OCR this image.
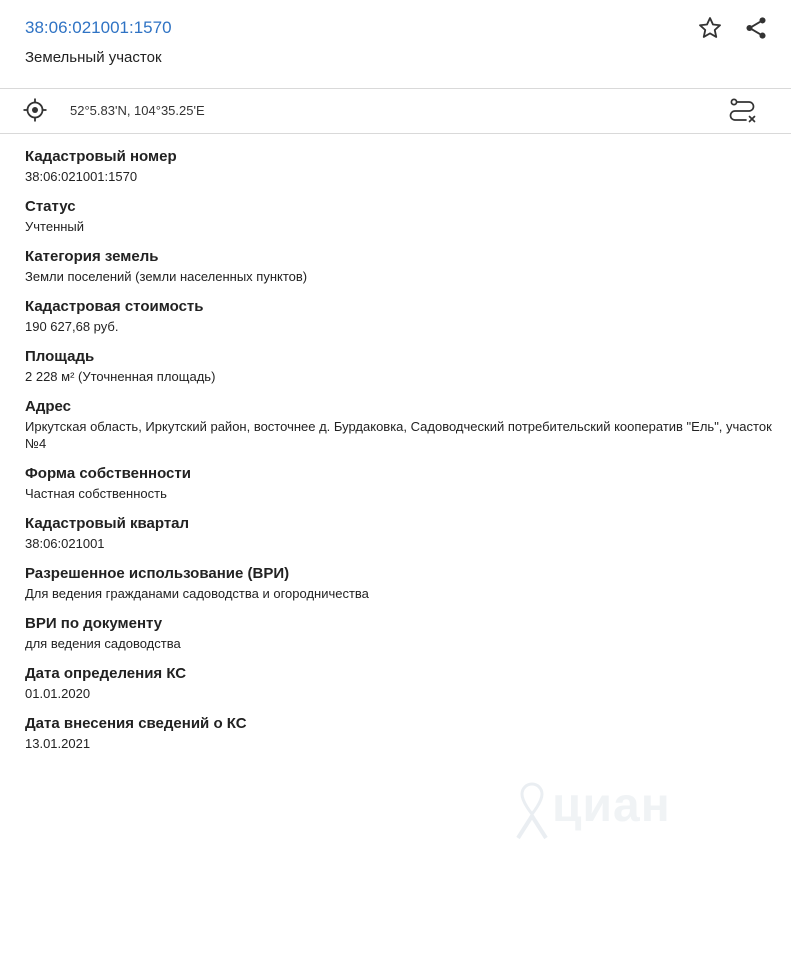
38:06:021001:1570
Земельный участок
52°5.83'N, 104°35.25'E
Кадастровый номер
38:06:021001:1570
Статус
Учтенный
Категория земель
Земли поселений (земли населенных пунктов)
Кадастровая стоимость
190 627,68 руб.
Площадь
2 228 м² (Уточненная площадь)
Адрес
Иркутская область, Иркутский район, восточнее д. Бурдаковка, Садоводческий потребительский кооператив "Ель", участок №4
Форма собственности
Частная собственность
Кадастровый квартал
38:06:021001
Разрешенное использование (ВРИ)
Для ведения гражданами садоводства и огородничества
ВРИ по документу
для ведения садоводства
Дата определения КС
01.01.2020
Дата внесения сведений о КС
13.01.2021
циан
